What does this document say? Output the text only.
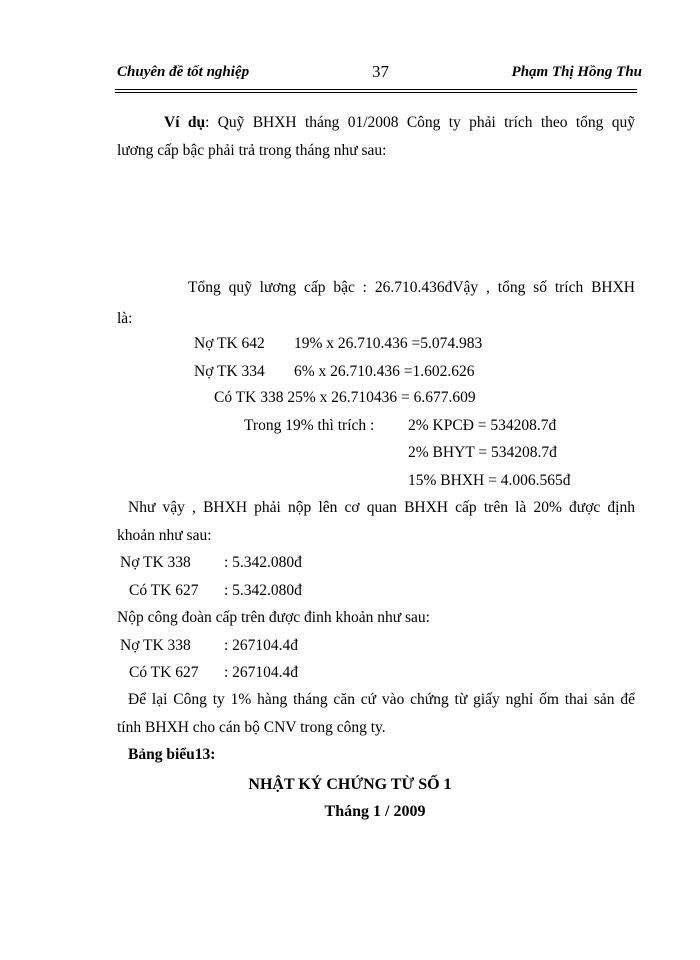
Chuyên đề tốt nghiệp	37	Phạm Thị Hồng Thu
Ví dụ: Quỹ BHXH tháng 01/2008 Công ty phải trích theo tổng quỹ
lương cấp bậc phải trả trong tháng như sau:
Tổng quỹ lương cấp bậc : 26.710.436đVậy , tổng số trích BHXH
là:
Nợ TK 642 19% x 26.710.436 =5.074.983
Nợ TK 334 6% x 26.710.436 =1.602.626
Có TK 338 25% x 26.710436 = 6.677.609
Trong 19% thì trích : 2% KPCĐ = 534208.7đ
2% BHYT = 534208.7đ
15% BHXH = 4.006.565đ
Như vậy , BHXH phải nộp lên cơ quan BHXH cấp trên là 20% được định
khoản như sau:
Nợ TK 338 : 5.342.080đ
Có TK 627 : 5.342.080đ
Nộp công đoàn cấp trên được đinh khoản như sau:
Nợ TK 338 : 267104.4đ
Có TK 627 : 267104.4đ
Để lại Công ty 1% hàng tháng căn cứ vào chứng từ giấy nghỉ ốm thai sản để
tính BHXH cho cán bộ CNV trong công ty.
Bảng biểu13:
NHẬT KÝ CHỨNG TỪ SỐ 1
Tháng 1 / 2009
